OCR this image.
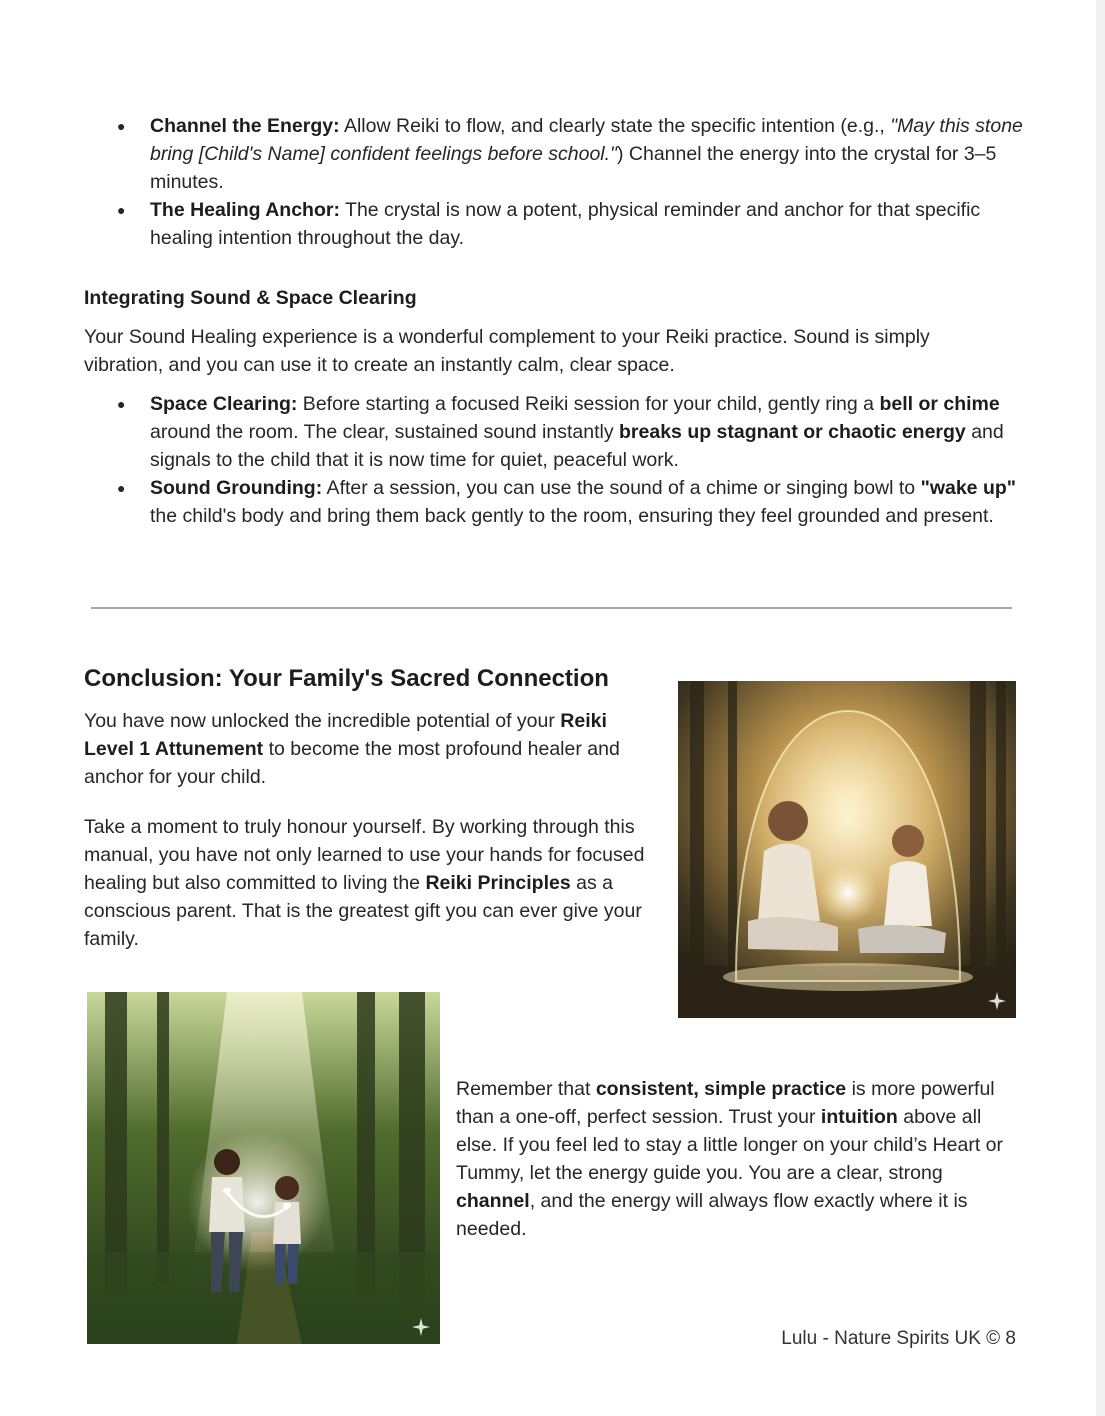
● Channel the Energy: Allow Reiki to flow, and clearly state the specific intention (e.g., "May this stone bring [Child's Name] confident feelings before school.") Channel the energy into the crystal for 3–5 minutes.
● The Healing Anchor: The crystal is now a potent, physical reminder and anchor for that specific healing intention throughout the day.
Integrating Sound & Space Clearing

Your Sound Healing experience is a wonderful complement to your Reiki practice. Sound is simply vibration, and you can use it to create an instantly calm, clear space.

● Space Clearing: Before starting a focused Reiki session for your child, gently ring a bell or chime around the room. The clear, sustained sound instantly breaks up stagnant or chaotic energy and signals to the child that it is now time for quiet, peaceful work.
● Sound Grounding: After a session, you can use the sound of a chime or singing bowl to "wake up" the child's body and bring them back gently to the room, ensuring they feel grounded and present.
Conclusion: Your Family's Sacred Connection

You have now unlocked the incredible potential of your Reiki Level 1 Attunement to become the most profound healer and anchor for your child.

Take a moment to truly honour yourself. By working through this manual, you have not only learned to use your hands for focused healing but also committed to living the Reiki Principles as a conscious parent. That is the greatest gift you can ever give your family.

Remember that consistent, simple practice is more powerful than a one-off, perfect session. Trust your intuition above all else. If you feel led to stay a little longer on your child’s Heart or Tummy, let the energy guide you. You are a clear, strong channel, and the energy will always flow exactly where it is needed.

Lulu - Nature Spirits UK © 8
